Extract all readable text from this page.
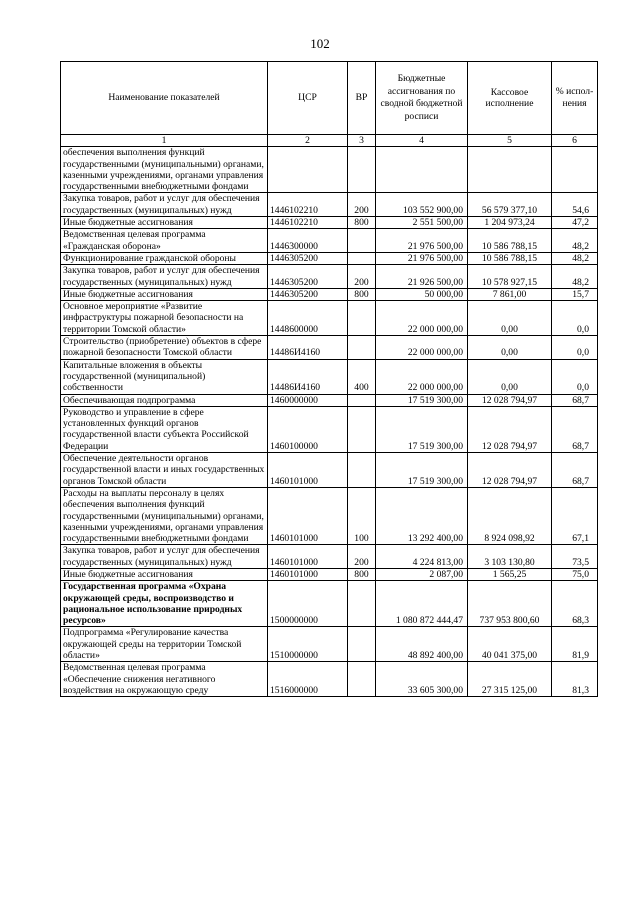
102
Наименование показателей	ЦСР	ВР	Бюджетные ассигнования по сводной бюджетной росписи	Кассовое исполнение	% испол-нения
1	2	3	4	5	6
обеспечения выполнения функций государственными (муниципальными) органами, казенными учреждениями, органами управления государственными внебюджетными фондами					
Закупка товаров, работ и услуг для обеспечения государственных (муниципальных) нужд	1446102210	200	103 552 900,00	56 579 377,10	54,6
Иные бюджетные ассигнования	1446102210	800	2 551 500,00	1 204 973,24	47,2
Ведомственная целевая программа «Гражданская оборона»	1446300000		21 976 500,00	10 586 788,15	48,2
Функционирование гражданской обороны	1446305200		21 976 500,00	10 586 788,15	48,2
Закупка товаров, работ и услуг для обеспечения государственных (муниципальных) нужд	1446305200	200	21 926 500,00	10 578 927,15	48,2
Иные бюджетные ассигнования	1446305200	800	50 000,00	7 861,00	15,7
Основное мероприятие «Развитие инфраструктуры пожарной безопасности на территории Томской области»	1448600000		22 000 000,00	0,00	0,0
Строительство (приобретение) объектов в сфере пожарной безопасности Томской области	14486И4160		22 000 000,00	0,00	0,0
Капитальные вложения в объекты государственной (муниципальной) собственности	14486И4160	400	22 000 000,00	0,00	0,0
Обеспечивающая подпрограмма	1460000000		17 519 300,00	12 028 794,97	68,7
Руководство и управление в сфере установленных функций органов государственной власти субъекта Российской Федерации	1460100000		17 519 300,00	12 028 794,97	68,7
Обеспечение деятельности органов государственной власти и иных государственных органов Томской области	1460101000		17 519 300,00	12 028 794,97	68,7
Расходы на выплаты персоналу в целях обеспечения выполнения функций государственными (муниципальными) органами, казенными учреждениями, органами управления государственными внебюджетными фондами	1460101000	100	13 292 400,00	8 924 098,92	67,1
Закупка товаров, работ и услуг для обеспечения государственных (муниципальных) нужд	1460101000	200	4 224 813,00	3 103 130,80	73,5
Иные бюджетные ассигнования	1460101000	800	2 087,00	1 565,25	75,0
Государственная программа «Охрана окружающей среды, воспроизводство и рациональное использование природных ресурсов»	1500000000		1 080 872 444,47	737 953 800,60	68,3
Подпрограмма «Регулирование качества окружающей среды на территории Томской области»	1510000000		48 892 400,00	40 041 375,00	81,9
Ведомственная целевая программа «Обеспечение снижения негативного воздействия на окружающую среду	1516000000		33 605 300,00	27 315 125,00	81,3
